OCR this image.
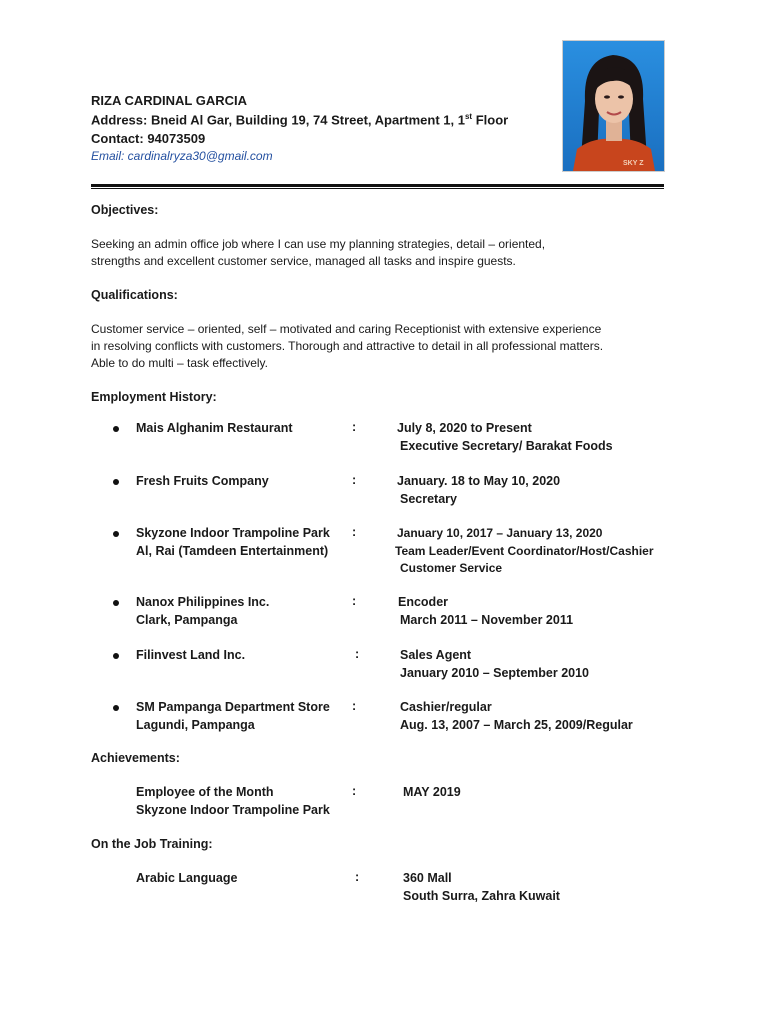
RIZA CARDINAL GARCIA
Address: Bneid Al Gar, Building 19, 74 Street, Apartment 1, 1st Floor
Contact: 94073509
Email: cardinalryza30@gmail.com
SKY Z
Objectives:
Seeking an admin office job where I can use my planning strategies, detail – oriented,
strengths and excellent customer service, managed all tasks and inspire guests.
Qualifications:
Customer service – oriented, self – motivated and caring Receptionist with extensive experience
in resolving conflicts with customers. Thorough and attractive to detail in all professional matters.
Able to do multi – task effectively.
Employment History:
Mais Alghanim Restaurant	:	July 8, 2020 to Present
Executive Secretary/ Barakat Foods
Fresh Fruits Company	:	January. 18 to May 10, 2020
Secretary
Skyzone Indoor Trampoline Park
Al, Rai (Tamdeen Entertainment)
:	January 10, 2017 – January 13, 2020
Team Leader/Event Coordinator/Host/Cashier
Customer Service
Nanox Philippines Inc.
Clark, Pampanga
:	Encoder
March 2011 – November 2011
Filinvest Land Inc.	:	Sales Agent
January 2010 – September 2010
SM Pampanga Department Store
Lagundi, Pampanga
:	Cashier/regular
Aug. 13, 2007 – March 25, 2009/Regular
Achievements:
Employee of the Month
Skyzone Indoor Trampoline Park
:	MAY 2019
On the Job Training:
Arabic Language	:	360 Mall
South Surra, Zahra Kuwait
